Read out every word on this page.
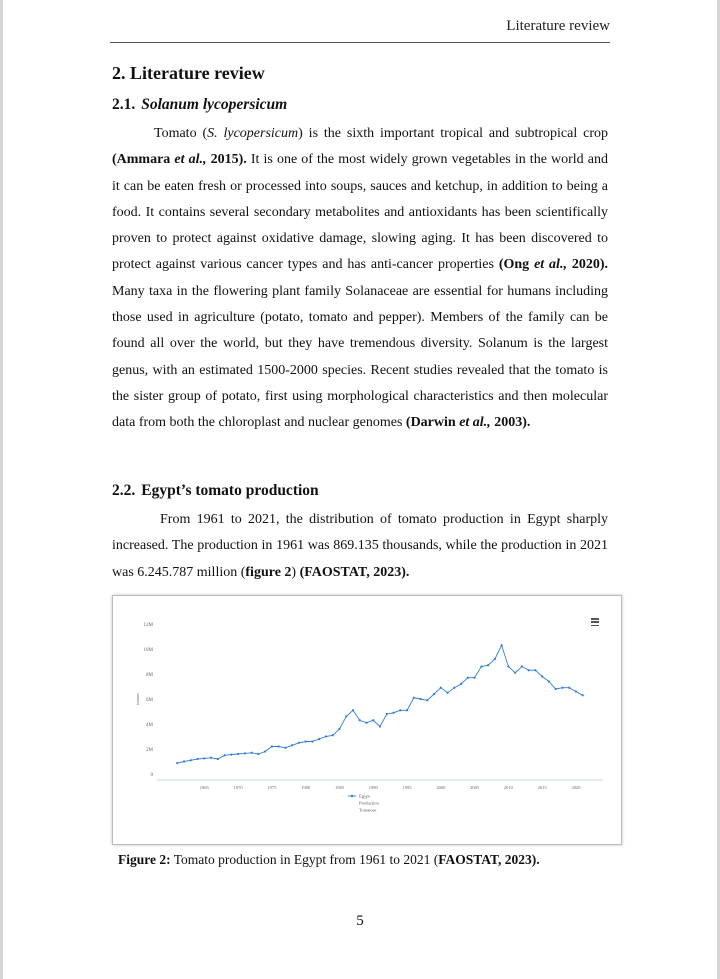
Literature review
2. Literature review
2.1. Solanum lycopersicum

Tomato (S. lycopersicum) is the sixth important tropical and subtropical crop (Ammara et al., 2015). It is one of the most widely grown vegetables in the world and it can be eaten fresh or processed into soups, sauces and ketchup, in addition to being a food. It contains several secondary metabolites and antioxidants has been scientifically proven to protect against oxidative damage, slowing aging. It has been discovered to protect against various cancer types and has anti-cancer properties (Ong et al., 2020). Many taxa in the flowering plant family Solanaceae are essential for humans including those used in agriculture (potato, tomato and pepper). Members of the family can be found all over the world, but they have tremendous diversity. Solanum is the largest genus, with an estimated 1500-2000 species. Recent studies revealed that the tomato is the sister group of potato, first using morphological characteristics and then molecular data from both the chloroplast and nuclear genomes (Darwin et al., 2003).

2.2. Egypt’s tomato production

From 1961 to 2021, the distribution of tomato production in Egypt sharply increased. The production in 1961 was 869.135 thousands, while the production in 2021 was 6.245.787 million (figure 2) (FAOSTAT, 2023).

0
2M
4M
6M
8M
10M
12M
tonnes
1965	1970	1975	1980	1985	1990	1995	2000	2005	2010	2015	2020
Egypt
Production
Tomatoes
Figure 2: Tomato production in Egypt from 1961 to 2021 (FAOSTAT, 2023).
5
